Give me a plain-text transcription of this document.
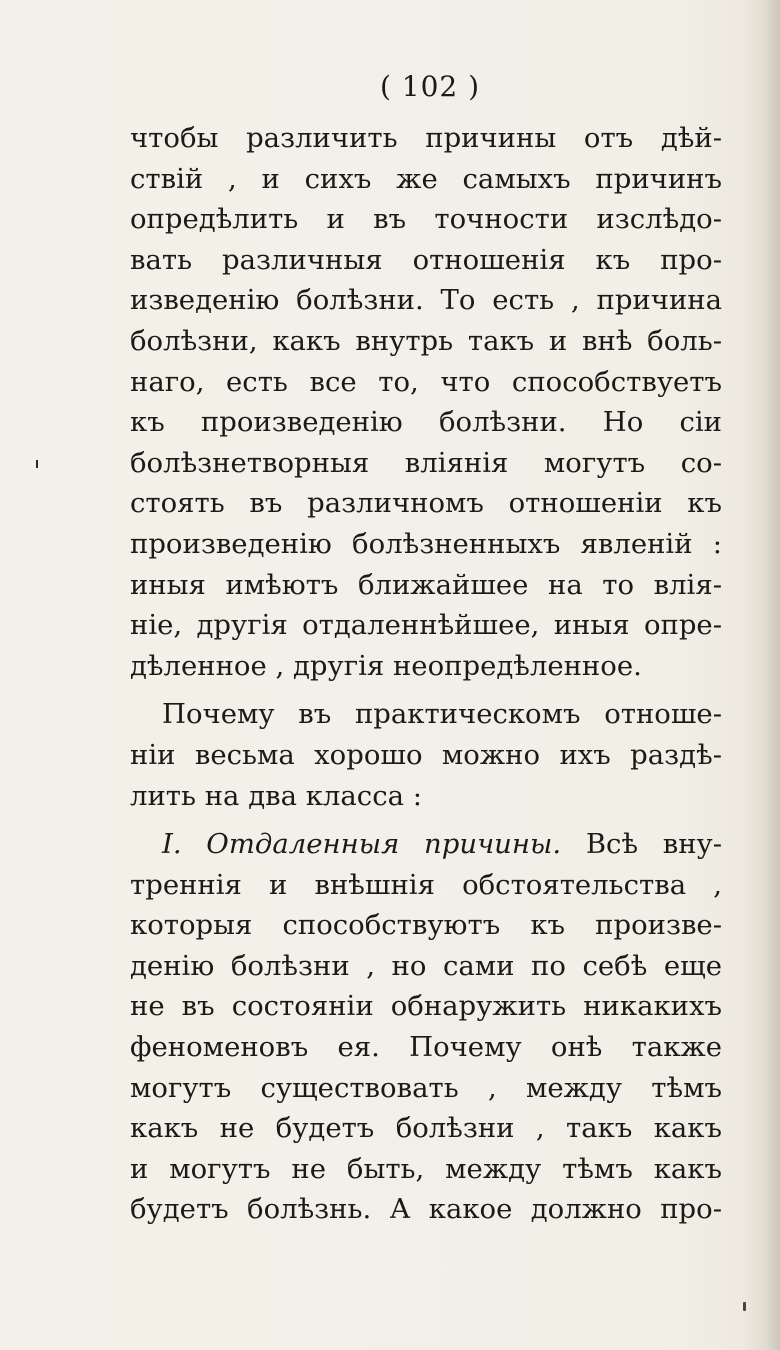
( 102 )
чтобы различить причины отъ дѣй-
ствій , и сихъ же самыхъ причинъ
опредѣлить и въ точности изслѣдо-
вать различныя отношенія къ про-
изведенію болѣзни. То есть , причина
болѣзни, какъ внутрь такъ и внѣ боль-
наго, есть все то, что способствуетъ
къ произведенію болѣзни. Но сіи
болѣзнетворныя вліянія могутъ со-
стоять въ различномъ отношеніи къ
произведенію болѣзненныхъ явленій :
иныя имѣютъ ближайшее на то влія-
ніе, другія отдаленнѣйшее, иныя опре-
дѣленное , другія неопредѣленное.
Почему въ практическомъ отноше-
ніи весьма хорошо можно ихъ раздѣ-
лить на два класса :
I. Отдаленныя причины. Всѣ вну-
треннія и внѣшнія обстоятельства ,
которыя способствуютъ къ произве-
денію болѣзни , но сами по себѣ еще
не въ состояніи обнаружить никакихъ
феноменовъ ея. Почему онѣ также
могутъ существовать , между тѣмъ
какъ не будетъ болѣзни , такъ какъ
и могутъ не быть, между тѣмъ какъ
будетъ болѣзнь. А какое должно про-
